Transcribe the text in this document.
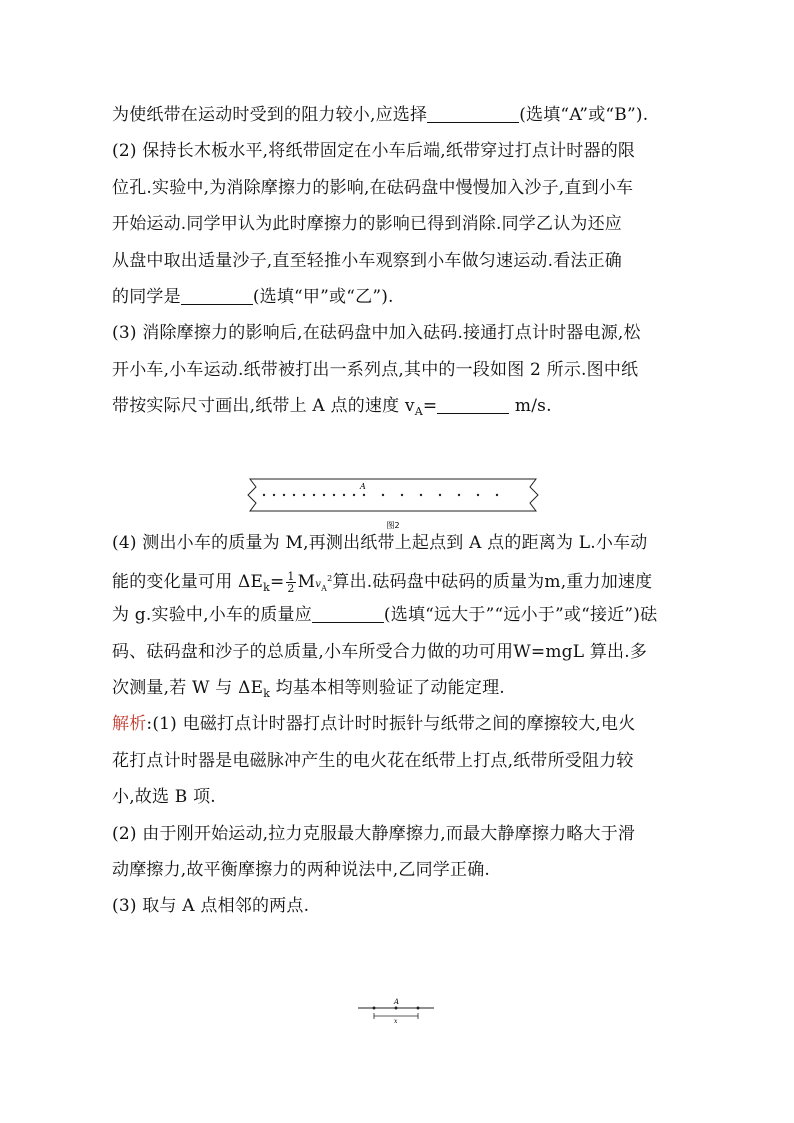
为使纸带在运动时受到的阻力较小,应选择	(选填“A”或“B”).
(2) 保持长木板水平,将纸带固定在小车后端,纸带穿过打点计时器的限
位孔.实验中,为消除摩擦力的影响,在砝码盘中慢慢加入沙子,直到小车
开始运动.同学甲认为此时摩擦力的影响已得到消除.同学乙认为还应
从盘中取出适量沙子,直至轻推小车观察到小车做匀速运动.看法正确
的同学是	(选填“甲”或“乙”).
(3) 消除摩擦力的影响后,在砝码盘中加入砝码.接通打点计时器电源,松
开小车,小车运动.纸带被打出一系列点,其中的一段如图 2 所示.图中纸
带按实际尺寸画出,纸带上 A 点的速度 $v_A=$	m/s.
(4) 测出小车的质量为 M,再测出纸带上起点到 A 点的距离为 L.小车动
能的变化量可用 $\Delta E_k= \frac{1}{2} Mv_A^2$算出.砝码盘中砝码的质量为m,重力加速度
为 g.实验中,小车的质量应	(选填“远大于”“远小于”或“接近”)砝
码、砝码盘和沙子的总质量,小车所受合力做的功可用W=mgL 算出.多
次测量,若 W 与 $\Delta E_k$ 均基本相等则验证了动能定理.
解析:(1) 电磁打点计时器打点计时时振针与纸带之间的摩擦较大,电火
花打点计时器是电磁脉冲产生的电火花在纸带上打点,纸带所受阻力较
小,故选 B 项.
(2) 由于刚开始运动,拉力克服最大静摩擦力,而最大静摩擦力略大于滑
动摩擦力,故平衡摩擦力的两种说法中,乙同学正确.
(3) 取与 A 点相邻的两点.
A
图2
A
x
